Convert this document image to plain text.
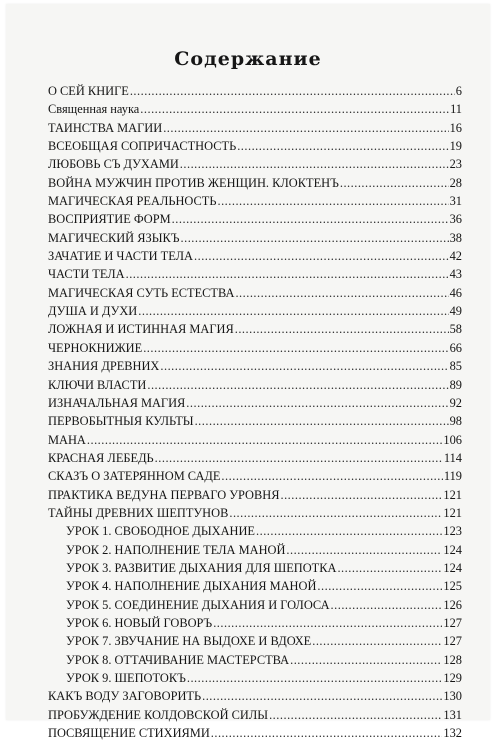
Содержание
О СЕЙ КНИГЕ .....	6
Священная наука .....	11
ТАИНСТВА МАГИИ .....	16
ВСЕОБЩАЯ СОПРИЧАСТНОСТЬ .....	19
ЛЮБОВЬ СЪ ДУХАМИ .....	23
ВОЙНА МУЖЧИН ПРОТИВ ЖЕНЩИН. КЛОКТЕНЪ .....	28
МАГИЧЕСКАЯ РЕАЛЬНОСТЬ .....	31
ВОСПРИЯТИЕ ФОРМ .....	36
МАГИЧЕСКИЙ ЯЗЫКЪ .....	38
ЗАЧАТИЕ И ЧАСТИ ТЕЛА .....	42
ЧАСТИ ТЕЛА .....	43
МАГИЧЕСКАЯ СУТЬ ЕСТЕСТВА .....	46
ДУША И ДУХИ .....	49
ЛОЖНАЯ И ИСТИННАЯ МАГИЯ .....	58
ЧЕРНОКНИЖИЕ .....	66
ЗНАНИЯ ДРЕВНИХ .....	85
КЛЮЧИ ВЛАСТИ .....	89
ИЗНАЧАЛЬНАЯ МАГИЯ .....	92
ПЕРВОБЫТНЫЯ КУЛЬТЫ .....	98
МАНА .....	106
КРАСНАЯ ЛЕБЕДЬ .....	114
СКАЗЪ О ЗАТЕРЯННОМ САДЕ .....	119
ПРАКТИКА ВЕДУНА ПЕРВАГО УРОВНЯ .....	121
ТАЙНЫ ДРЕВНИХ ШЕПТУНОВ .....	121
УРОК 1. СВОБОДНОЕ ДЫХАНИЕ .....	123
УРОК 2. НАПОЛНЕНИЕ ТЕЛА МАНОЙ .....	124
УРОК 3. РАЗВИТИЕ ДЫХАНИЯ ДЛЯ ШЕПОТКА .....	124
УРОК 4. НАПОЛНЕНИЕ ДЫХАНИЯ МАНОЙ .....	125
УРОК 5. СОЕДИНЕНИЕ ДЫХАНИЯ И ГОЛОСА .....	126
УРОК 6. НОВЫЙ ГОВОРЪ .....	127
УРОК 7. ЗВУЧАНИЕ НА ВЫДОХЕ И ВДОХЕ .....	127
УРОК 8. ОТТАЧИВАНИЕ МАСТЕРСТВА .....	128
УРОК 9. ШЕПОТОКЪ .....	129
КАКЪ ВОДУ ЗАГОВОРИТЬ .....	130
ПРОБУЖДЕНИЕ КОЛДОВСКОЙ СИЛЫ .....	131
ПОСВЯЩЕНИЕ СТИХИЯМИ .....	132
